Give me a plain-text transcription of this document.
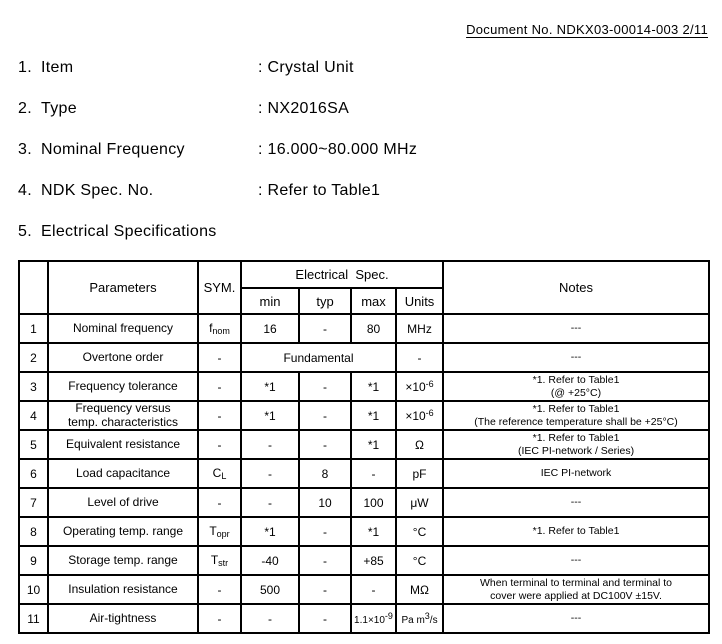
Document No. NDKX03-00014-003 2/11
1. Item	: Crystal Unit
2. Type	: NX2016SA
3. Nominal Frequency	: 16.000~80.000 MHz
4. NDK Spec. No.	: Refer to Table1
5. Electrical Specifications
	Parameters	SYM.	Electrical  Spec.				Notes
			min	typ	max	Units	
1	Nominal frequency	$f_{nom}$	16	-	80	MHz	---
2	Overtone order	-	Fundamental			-	---
3	Frequency tolerance	-	*1	-	*1	$\times 10^{-6}$	*1. Refer to Table1
(@ +25°C)
4	Frequency versus
temp. characteristics	-	*1	-	*1	$\times 10^{-6}$	*1. Refer to Table1
(The reference temperature shall be +25°C)
5	Equivalent resistance	-	-	-	*1	Ω	*1. Refer to Table1
(IEC PI-network / Series)
6	Load capacitance	$C_L$	-	8	-	pF	IEC PI-network
7	Level of drive	-	-	10	100	μW	---
8	Operating temp. range	$T_{opr}$	*1	-	*1	°C	*1. Refer to Table1
9	Storage temp. range	$T_{str}$	-40	-	+85	°C	---
10	Insulation resistance	-	500	-	-	MΩ	When terminal to terminal and terminal to
cover were applied at DC100V ±15V.
11	Air-tightness	-	-	-	$1.1\times 10^{-9}$	Pa $m^3/s$	---
